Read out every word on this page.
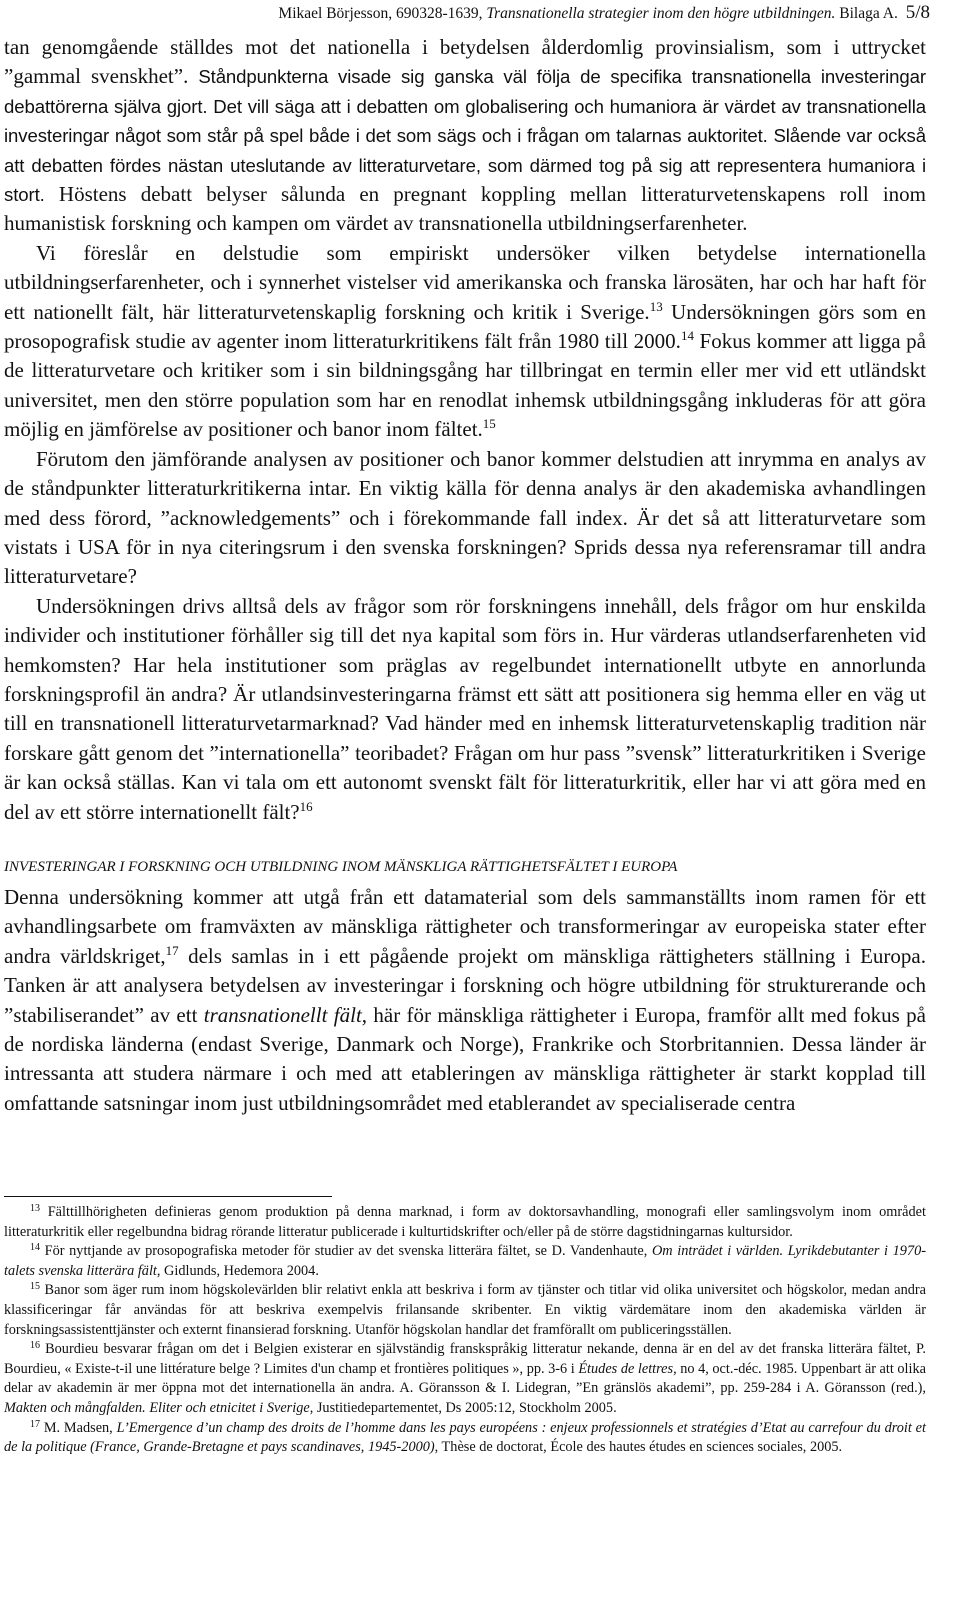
Mikael Börjesson, 690328-1639, Transnationella strategier inom den högre utbildningen. Bilaga A. 5/8

tan genomgående ställdes mot det nationella i betydelsen ålderdomlig provinsialism, som i uttrycket ”gammal svenskhet”. Ståndpunkterna visade sig ganska väl följa de specifika transnationella investeringar debattörerna själva gjort. Det vill säga att i debatten om globalisering och humaniora är värdet av transnationella investeringar något som står på spel både i det som sägs och i frågan om talarnas auktoritet. Slående var också att debatten fördes nästan uteslutande av litteraturvetare, som därmed tog på sig att representera humaniora i stort. Höstens debatt belyser sålunda en pregnant koppling mellan litteraturvetenskapens roll inom humanistisk forskning och kampen om värdet av transnationella utbildningserfarenheter.

Vi föreslår en delstudie som empiriskt undersöker vilken betydelse internationella utbildningserfarenheter, och i synnerhet vistelser vid amerikanska och franska lärosäten, har och har haft för ett nationellt fält, här litteraturvetenskaplig forskning och kritik i Sverige.$^{13}$ Undersökningen görs som en prosopografisk studie av agenter inom litteraturkritikens fält från 1980 till 2000.14 Fokus kommer att ligga på de litteraturvetare och kritiker som i sin bildningsgång har tillbringat en termin eller mer vid ett utländskt universitet, men den större population som har en renodlat inhemsk utbildningsgång inkluderas för att göra möjlig en jämförelse av positioner och banor inom fältet.$^{15}$

Förutom den jämförande analysen av positioner och banor kommer delstudien att inrymma en analys av de ståndpunkter litteraturkritikerna intar. En viktig källa för denna analys är den akademiska avhandlingen med dess förord, ”acknowledgements” och i förekommande fall index. Är det så att litteraturvetare som vistats i USA för in nya citeringsrum i den svenska forskningen? Sprids dessa nya referensramar till andra litteraturvetare?

Undersökningen drivs alltså dels av frågor som rör forskningens innehåll, dels frågor om hur enskilda individer och institutioner förhåller sig till det nya kapital som förs in. Hur värderas utlandserfarenheten vid hemkomsten? Har hela institutioner som präglas av regelbundet internationellt utbyte en annorlunda forskningsprofil än andra? Är utlandsinvesteringarna främst ett sätt att positionera sig hemma eller en väg ut till en transnationell litteraturvetarmarknad? Vad händer med en inhemsk litteraturvetenskaplig tradition när forskare gått genom det ”internationella” teoribadet? Frågan om hur pass ”svensk” litteraturkritiken i Sverige är kan också ställas. Kan vi tala om ett autonomt svenskt fält för litteraturkritik, eller har vi att göra med en del av ett större internationellt fält?$^{16}$

INVESTERINGAR I FORSKNING OCH UTBILDNING INOM MÄNSKLIGA RÄTTIGHETSFÄLTET I EUROPA

Denna undersökning kommer att utgå från ett datamaterial som dels sammanställts inom ramen för ett avhandlingsarbete om framväxten av mänskliga rättigheter och transformeringar av europeiska stater efter andra världskriget,$^{17}$ dels samlas in i ett pågående projekt om mänskliga rättigheters ställning i Europa. Tanken är att analysera betydelsen av investeringar i forskning och högre utbildning för strukturerande och ”stabiliserandet” av ett transnationellt fält, här för mänskliga rättigheter i Europa, framför allt med fokus på de nordiska länderna (endast Sverige, Danmark och Norge), Frankrike och Storbritannien. Dessa länder är intressanta att studera närmare i och med att etableringen av mänskliga rättigheter är starkt kopplad till omfattande satsningar inom just utbildningsområdet med etablerandet av specialiserade centra

$^{13}$ Fälttillhörigheten definieras genom produktion på denna marknad, i form av doktorsavhandling, monografi eller samlingsvolym inom området litteraturkritik eller regelbundna bidrag rörande litteratur publicerade i kulturtidskrifter och/eller på de större dagstidningarnas kultursidor.

$^{14}$ För nyttjande av prosopografiska metoder för studier av det svenska litterära fältet, se D. Vandenhaute, Om inträdet i världen. Lyrikdebutanter i 1970-talets svenska litterära fält, Gidlunds, Hedemora 2004.

$^{15}$ Banor som äger rum inom högskolevärlden blir relativt enkla att beskriva i form av tjänster och titlar vid olika universitet och högskolor, medan andra klassificeringar får användas för att beskriva exempelvis frilansande skribenter. En viktig värdemätare inom den akademiska världen är forskningsassistenttjänster och externt finansierad forskning. Utanför högskolan handlar det framförallt om publiceringsställen.

$^{16}$ Bourdieu besvarar frågan om det i Belgien existerar en självständig franskspråkig litteratur nekande, denna är en del av det franska litterära fältet, P. Bourdieu, « Existe-t-il une littérature belge ? Limites d'un champ et frontières politiques », pp. 3-6 i Études de lettres, no 4, oct.-déc. 1985. Uppenbart är att olika delar av akademin är mer öppna mot det internationella än andra. A. Göransson & I. Lidegran, ”En gränslös akademi”, pp. 259-284 i A. Göransson (red.), Makten och mångfalden. Eliter och etnicitet i Sverige, Justitiedepartementet, Ds 2005:12, Stockholm 2005.

$^{17}$ M. Madsen, L’Emergence d’un champ des droits de l’homme dans les pays européens : enjeux professionnels et stratégies d’Etat au carrefour du droit et de la politique (France, Grande-Bretagne et pays scandinaves, 1945-2000), Thèse de doctorat, École des hautes études en sciences sociales, 2005.
